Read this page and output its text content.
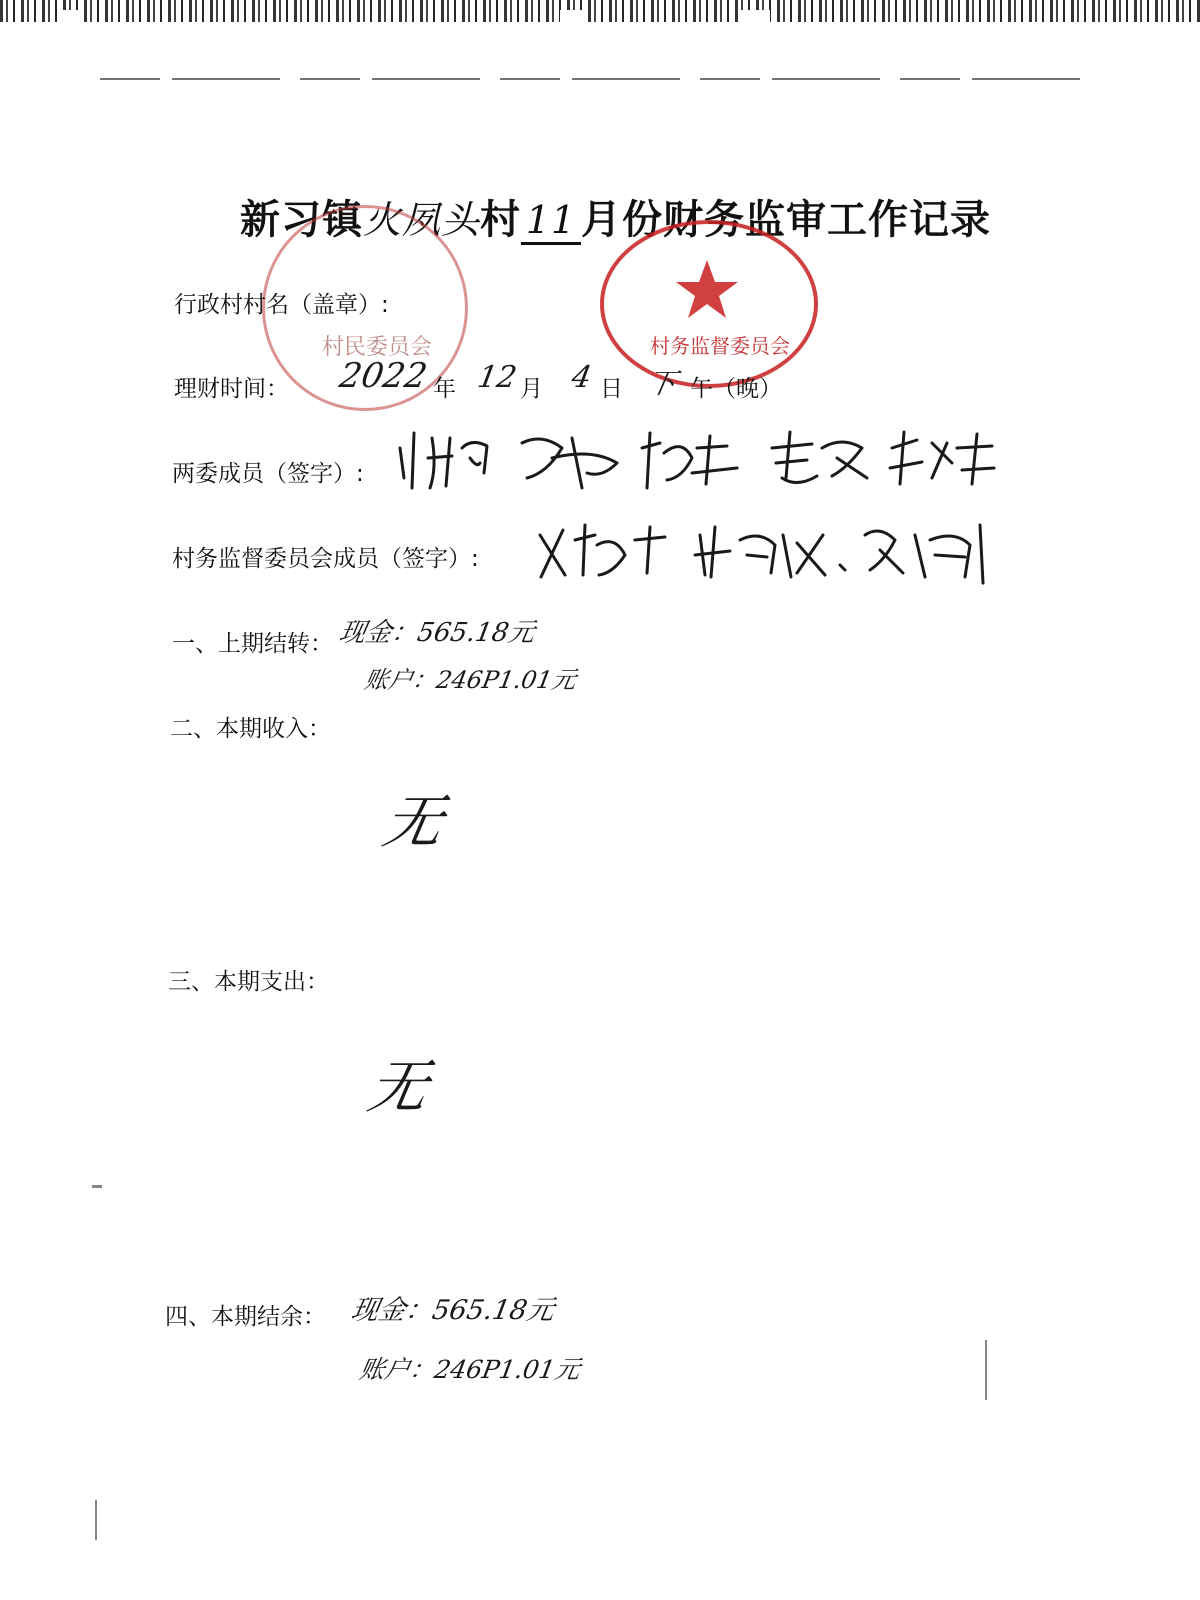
新习镇火夙头村 11 月份财务监审工作记录
村民委员会	村务监督委员会
行政村村名（盖章）:
理财时间： 2022 年 12 月 4 日 下 午（晚）
两委成员（签字）:
村务监督委员会成员（签字）:
一、上期结转： 现金：565.18元
账户：246P1.01元
二、本期收入：
无
三、本期支出：
无
四、本期结余： 现金：565.18元
账户：246P1.01元
